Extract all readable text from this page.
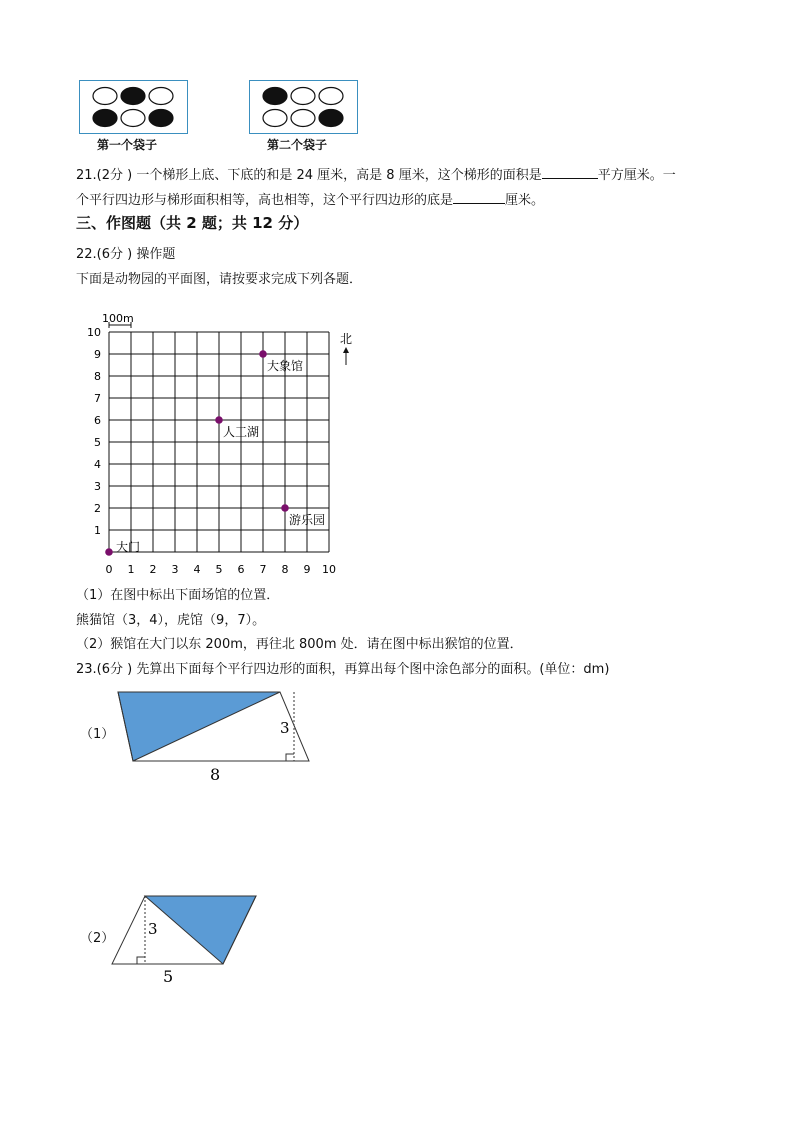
第一个袋子	第二个袋子
21.(2分 ) 一个梯形上底、下底的和是 24 厘米，高是 8 厘米，这个梯形的面积是	平方厘米。一
个平行四边形与梯形面积相等，高也相等，这个平行四边形的底是	厘米。
三、作图题（共 2 题；共 12 分）
22.(6分 ) 操作题
下面是动物园的平面图，请按要求完成下列各题．
100m
北
0 1 2 3 4 5 6 7 8 9 10
1
2
3
4
5
6
7
8
9
10
大门
人工湖
大象馆
游乐园
（1）在图中标出下面场馆的位置．
熊猫馆（3，4），虎馆（9，7）。
（2）猴馆在大门以东 200m，再往北 800m 处．请在图中标出猴馆的位置．
23.(6分 ) 先算出下面每个平行四边形的面积，再算出每个图中涂色部分的面积。(单位：dm)
（1）	3
8
（2）
3
5
